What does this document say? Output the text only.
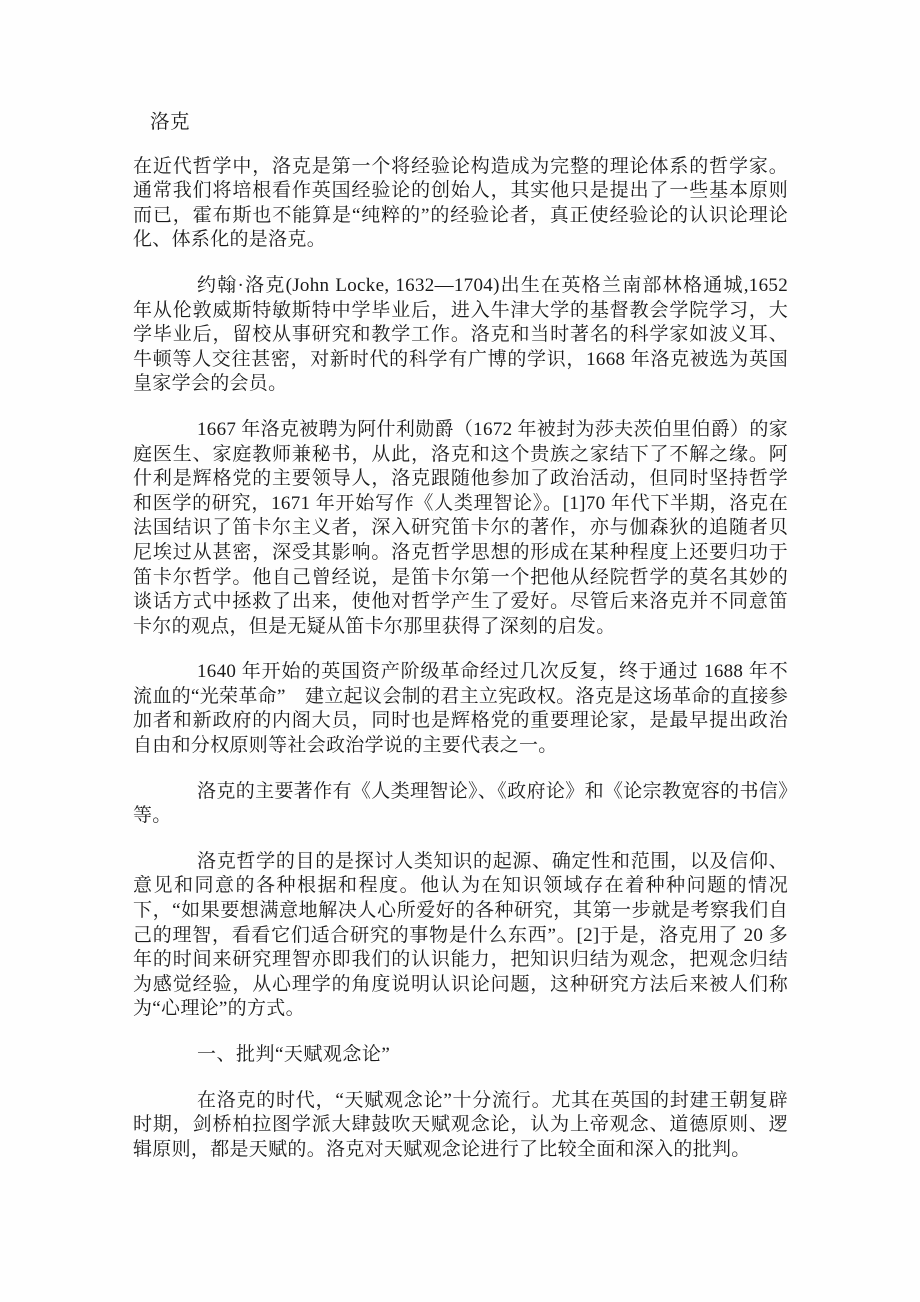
洛克

在近代哲学中，洛克是第一个将经验论构造成为完整的理论体系的哲学家。通常我们将培根看作英国经验论的创始人，其实他只是提出了一些基本原则而已，霍布斯也不能算是“纯粹的”的经验论者，真正使经验论的认识论理论化、体系化的是洛克。

约翰·洛克(John Locke, 1632—1704)出生在英格兰南部林格通城,1652 年从伦敦威斯特敏斯特中学毕业后，进入牛津大学的基督教会学院学习，大学毕业后，留校从事研究和教学工作。洛克和当时著名的科学家如波义耳、牛顿等人交往甚密，对新时代的科学有广博的学识，1668 年洛克被选为英国皇家学会的会员。

1667 年洛克被聘为阿什利勋爵（1672 年被封为莎夫茨伯里伯爵）的家庭医生、家庭教师兼秘书，从此，洛克和这个贵族之家结下了不解之缘。阿什利是辉格党的主要领导人，洛克跟随他参加了政治活动，但同时坚持哲学和医学的研究，1671 年开始写作《人类理智论》。[1]70 年代下半期，洛克在法国结识了笛卡尔主义者，深入研究笛卡尔的著作，亦与伽森狄的追随者贝尼埃过从甚密，深受其影响。洛克哲学思想的形成在某种程度上还要归功于笛卡尔哲学。他自己曾经说，是笛卡尔第一个把他从经院哲学的莫名其妙的谈话方式中拯救了出来，使他对哲学产生了爱好。尽管后来洛克并不同意笛卡尔的观点，但是无疑从笛卡尔那里获得了深刻的启发。

1640 年开始的英国资产阶级革命经过几次反复，终于通过 1688 年不流血的“光荣革命”　建立起议会制的君主立宪政权。洛克是这场革命的直接参加者和新政府的内阁大员，同时也是辉格党的重要理论家，是最早提出政治自由和分权原则等社会政治学说的主要代表之一。

洛克的主要著作有《人类理智论》、《政府论》和《论宗教宽容的书信》等。

洛克哲学的目的是探讨人类知识的起源、确定性和范围，以及信仰、意见和同意的各种根据和程度。他认为在知识领域存在着种种问题的情况下，“如果要想满意地解决人心所爱好的各种研究，其第一步就是考察我们自己的理智，看看它们适合研究的事物是什么东西”。[2]于是，洛克用了 20 多年的时间来研究理智亦即我们的认识能力，把知识归结为观念，把观念归结为感觉经验，从心理学的角度说明认识论问题，这种研究方法后来被人们称为“心理论”的方式。

一、批判“天赋观念论”

在洛克的时代，“天赋观念论”十分流行。尤其在英国的封建王朝复辟时期，剑桥柏拉图学派大肆鼓吹天赋观念论，认为上帝观念、道德原则、逻辑原则，都是天赋的。洛克对天赋观念论进行了比较全面和深入的批判。
